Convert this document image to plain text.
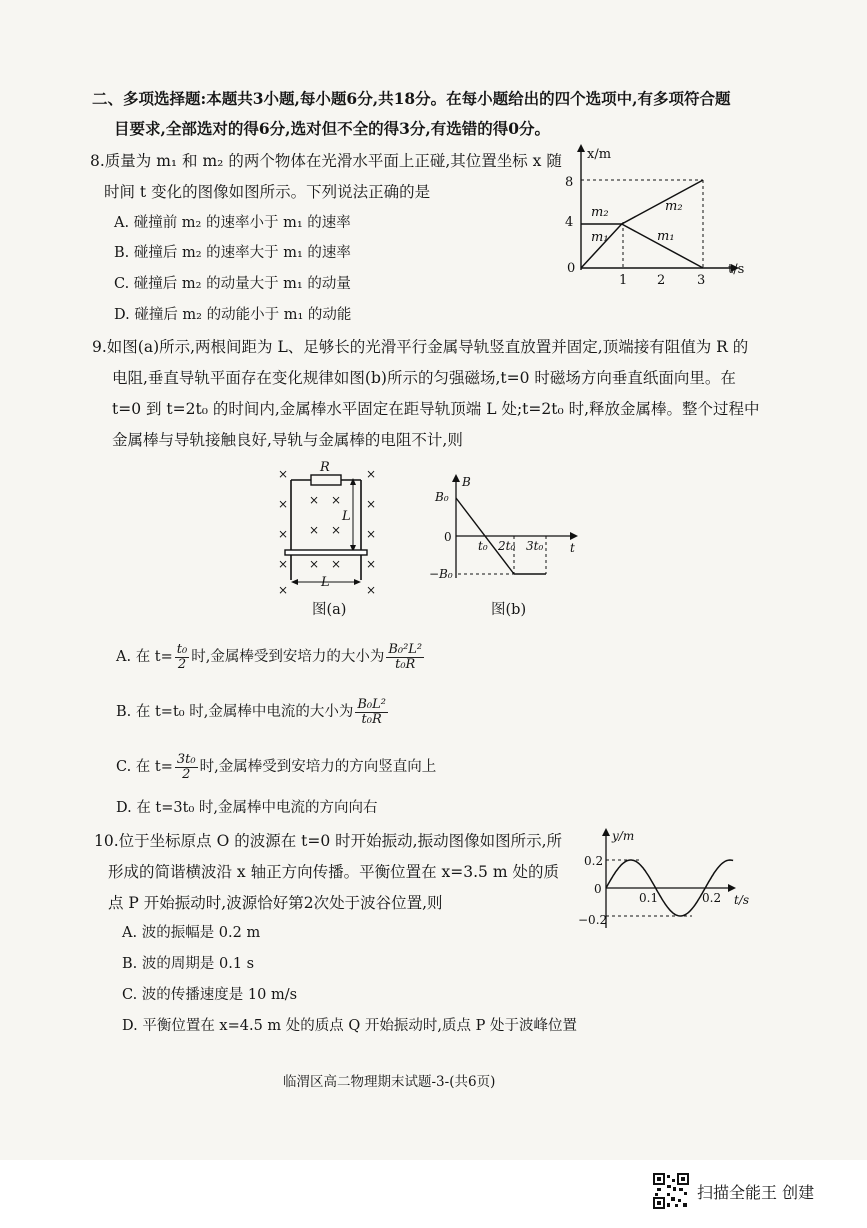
二、多项选择题:本题共3小题,每小题6分,共18分。在每小题给出的四个选项中,有多项符合题
目要求,全部选对的得6分,选对但不全的得3分,有选错的得0分。
8.质量为 m₁ 和 m₂ 的两个物体在光滑水平面上正碰,其位置坐标 x 随
时间 t 变化的图像如图所示。下列说法正确的是
A. 碰撞前 m₂ 的速率小于 m₁ 的速率
B. 碰撞后 m₂ 的速率大于 m₁ 的速率
C. 碰撞后 m₂ 的动量大于 m₁ 的动量
D. 碰撞后 m₂ 的动能小于 m₁ 的动能
x/m
t/s
8
4
0
1 2 3
m₂
m₁
m₂
m₁
9.如图(a)所示,两根间距为 L、足够长的光滑平行金属导轨竖直放置并固定,顶端接有阻值为 R 的
电阻,垂直导轨平面存在变化规律如图(b)所示的匀强磁场,t=0 时磁场方向垂直纸面向里。在
t=0 到 t=2t₀ 的时间内,金属棒水平固定在距导轨顶端 L 处;t=2t₀ 时,释放金属棒。整个过程中
金属棒与导轨接触良好,导轨与金属棒的电阻不计,则
R
L
L
×	×
× × × ×
× × × ×
× × × ×
×	×
图(a)
B
t
0
B₀
−B₀
t₀ 2t₀ 3t₀
图(b)
A. 在 $t= \frac{\text{t₀}}{2}$ 时,金属棒受到安培力的大小为 $\frac{\text{B₀²L²}}{\text{t₀R}}$
B. 在 t=t₀ 时,金属棒中电流的大小为 $\frac{\text{B₀L²}}{\text{t₀R}}$
C. 在 $t= \frac{\text{3t₀}}{2}$ 时,金属棒受到安培力的方向竖直向上
D. 在 t=3t₀ 时,金属棒中电流的方向向右
10.位于坐标原点 O 的波源在 t=0 时开始振动,振动图像如图所示,所
形成的简谐横波沿 x 轴正方向传播。平衡位置在 x=3.5 m 处的质
点 P 开始振动时,波源恰好第2次处于波谷位置,则
A. 波的振幅是 0.2 m
B. 波的周期是 0.1 s
C. 波的传播速度是 10 m/s
D. 平衡位置在 x=4.5 m 处的质点 Q 开始振动时,质点 P 处于波峰位置
y/m
t/s
0.2
0
−0.2
0.1	0.2
临渭区高二物理期末试题-3-(共6页)
扫描全能王 创建
